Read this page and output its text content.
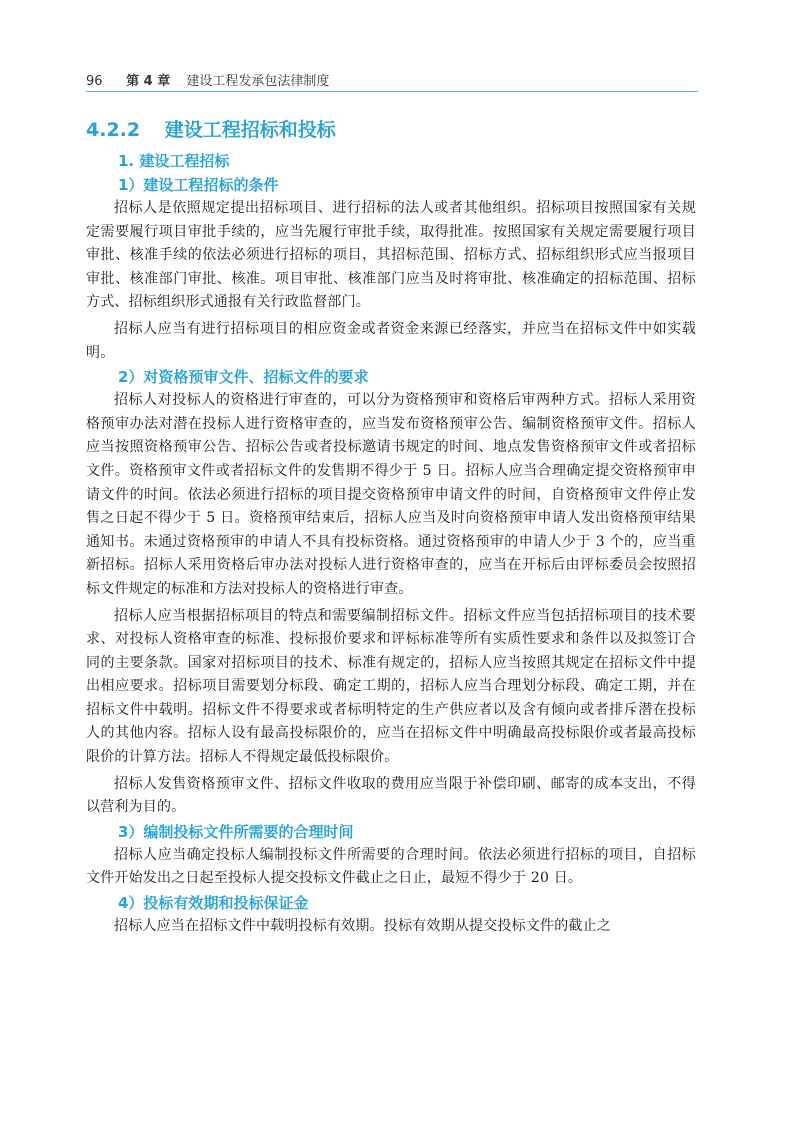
96 第 4 章 建设工程发承包法律制度
4.2.2 建设工程招标和投标
1. 建设工程招标
1）建设工程招标的条件

招标人是依照规定提出招标项目、进行招标的法人或者其他组织。招标项目按照国家有关规定需要履行项目审批手续的，应当先履行审批手续，取得批准。按照国家有关规定需要履行项目审批、核准手续的依法必须进行招标的项目，其招标范围、招标方式、招标组织形式应当报项目审批、核准部门审批、核准。项目审批、核准部门应当及时将审批、核准确定的招标范围、招标方式、招标组织形式通报有关行政监督部门。

招标人应当有进行招标项目的相应资金或者资金来源已经落实，并应当在招标文件中如实载明。

2）对资格预审文件、招标文件的要求

招标人对投标人的资格进行审查的，可以分为资格预审和资格后审两种方式。招标人采用资格预审办法对潜在投标人进行资格审查的，应当发布资格预审公告、编制资格预审文件。招标人应当按照资格预审公告、招标公告或者投标邀请书规定的时间、地点发售资格预审文件或者招标文件。资格预审文件或者招标文件的发售期不得少于 5 日。招标人应当合理确定提交资格预审申请文件的时间。依法必须进行招标的项目提交资格预审申请文件的时间，自资格预审文件停止发售之日起不得少于 5 日。资格预审结束后，招标人应当及时向资格预审申请人发出资格预审结果通知书。未通过资格预审的申请人不具有投标资格。通过资格预审的申请人少于 3 个的，应当重新招标。招标人采用资格后审办法对投标人进行资格审查的，应当在开标后由评标委员会按照招标文件规定的标准和方法对投标人的资格进行审查。

招标人应当根据招标项目的特点和需要编制招标文件。招标文件应当包括招标项目的技术要求、对投标人资格审查的标准、投标报价要求和评标标准等所有实质性要求和条件以及拟签订合同的主要条款。国家对招标项目的技术、标准有规定的，招标人应当按照其规定在招标文件中提出相应要求。招标项目需要划分标段、确定工期的，招标人应当合理划分标段、确定工期，并在招标文件中载明。招标文件不得要求或者标明特定的生产供应者以及含有倾向或者排斥潜在投标人的其他内容。招标人设有最高投标限价的，应当在招标文件中明确最高投标限价或者最高投标限价的计算方法。招标人不得规定最低投标限价。

招标人发售资格预审文件、招标文件收取的费用应当限于补偿印刷、邮寄的成本支出，不得以营利为目的。

3）编制投标文件所需要的合理时间

招标人应当确定投标人编制投标文件所需要的合理时间。依法必须进行招标的项目，自招标文件开始发出之日起至投标人提交投标文件截止之日止，最短不得少于 20 日。

4）投标有效期和投标保证金

招标人应当在招标文件中载明投标有效期。投标有效期从提交投标文件的截止之
